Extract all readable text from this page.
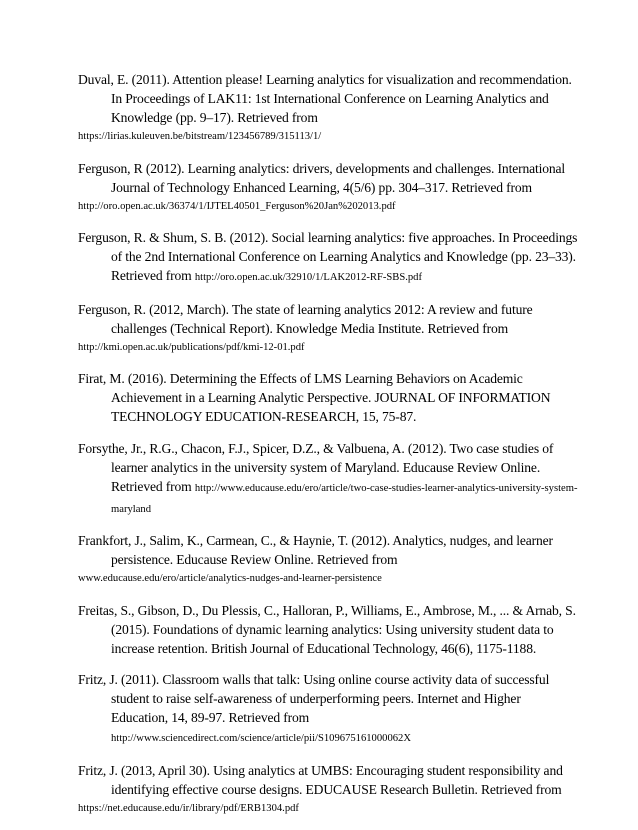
Duval, E. (2011). Attention please! Learning analytics for visualization and recommendation. In Proceedings of LAK11: 1st International Conference on Learning Analytics and Knowledge (pp. 9–17). Retrieved from
https://lirias.kuleuven.be/bitstream/123456789/315113/1/

Ferguson, R (2012). Learning analytics: drivers, developments and challenges. International Journal of Technology Enhanced Learning, 4(5/6) pp. 304–317. Retrieved from
http://oro.open.ac.uk/36374/1/IJTEL40501_Ferguson%20Jan%202013.pdf

Ferguson, R. & Shum, S. B. (2012). Social learning analytics: five approaches. In Proceedings of the 2nd International Conference on Learning Analytics and Knowledge (pp. 23–33). Retrieved from http://oro.open.ac.uk/32910/1/LAK2012-RF-SBS.pdf

Ferguson, R. (2012, March). The state of learning analytics 2012: A review and future challenges (Technical Report). Knowledge Media Institute. Retrieved from
http://kmi.open.ac.uk/publications/pdf/kmi-12-01.pdf

Firat, M. (2016). Determining the Effects of LMS Learning Behaviors on Academic Achievement in a Learning Analytic Perspective. JOURNAL OF INFORMATION TECHNOLOGY EDUCATION-RESEARCH, 15, 75-87.

Forsythe, Jr., R.G., Chacon, F.J., Spicer, D.Z., & Valbuena, A. (2012). Two case studies of learner analytics in the university system of Maryland. Educause Review Online. Retrieved from http://www.educause.edu/ero/article/two-case-studies-learner-analytics-university-system-maryland

Frankfort, J., Salim, K., Carmean, C., & Haynie, T. (2012). Analytics, nudges, and learner persistence. Educause Review Online. Retrieved from
www.educause.edu/ero/article/analytics-nudges-and-learner-persistence

Freitas, S., Gibson, D., Du Plessis, C., Halloran, P., Williams, E., Ambrose, M., ... & Arnab, S. (2015). Foundations of dynamic learning analytics: Using university student data to increase retention. British Journal of Educational Technology, 46(6), 1175-1188.

Fritz, J. (2011). Classroom walls that talk: Using online course activity data of successful student to raise self-awareness of underperforming peers. Internet and Higher Education, 14, 89-97. Retrieved from http://www.sciencedirect.com/science/article/pii/S109675161000062X

Fritz, J. (2013, April 30). Using analytics at UMBS: Encouraging student responsibility and identifying effective course designs. EDUCAUSE Research Bulletin. Retrieved from
https://net.educause.edu/ir/library/pdf/ERB1304.pdf
